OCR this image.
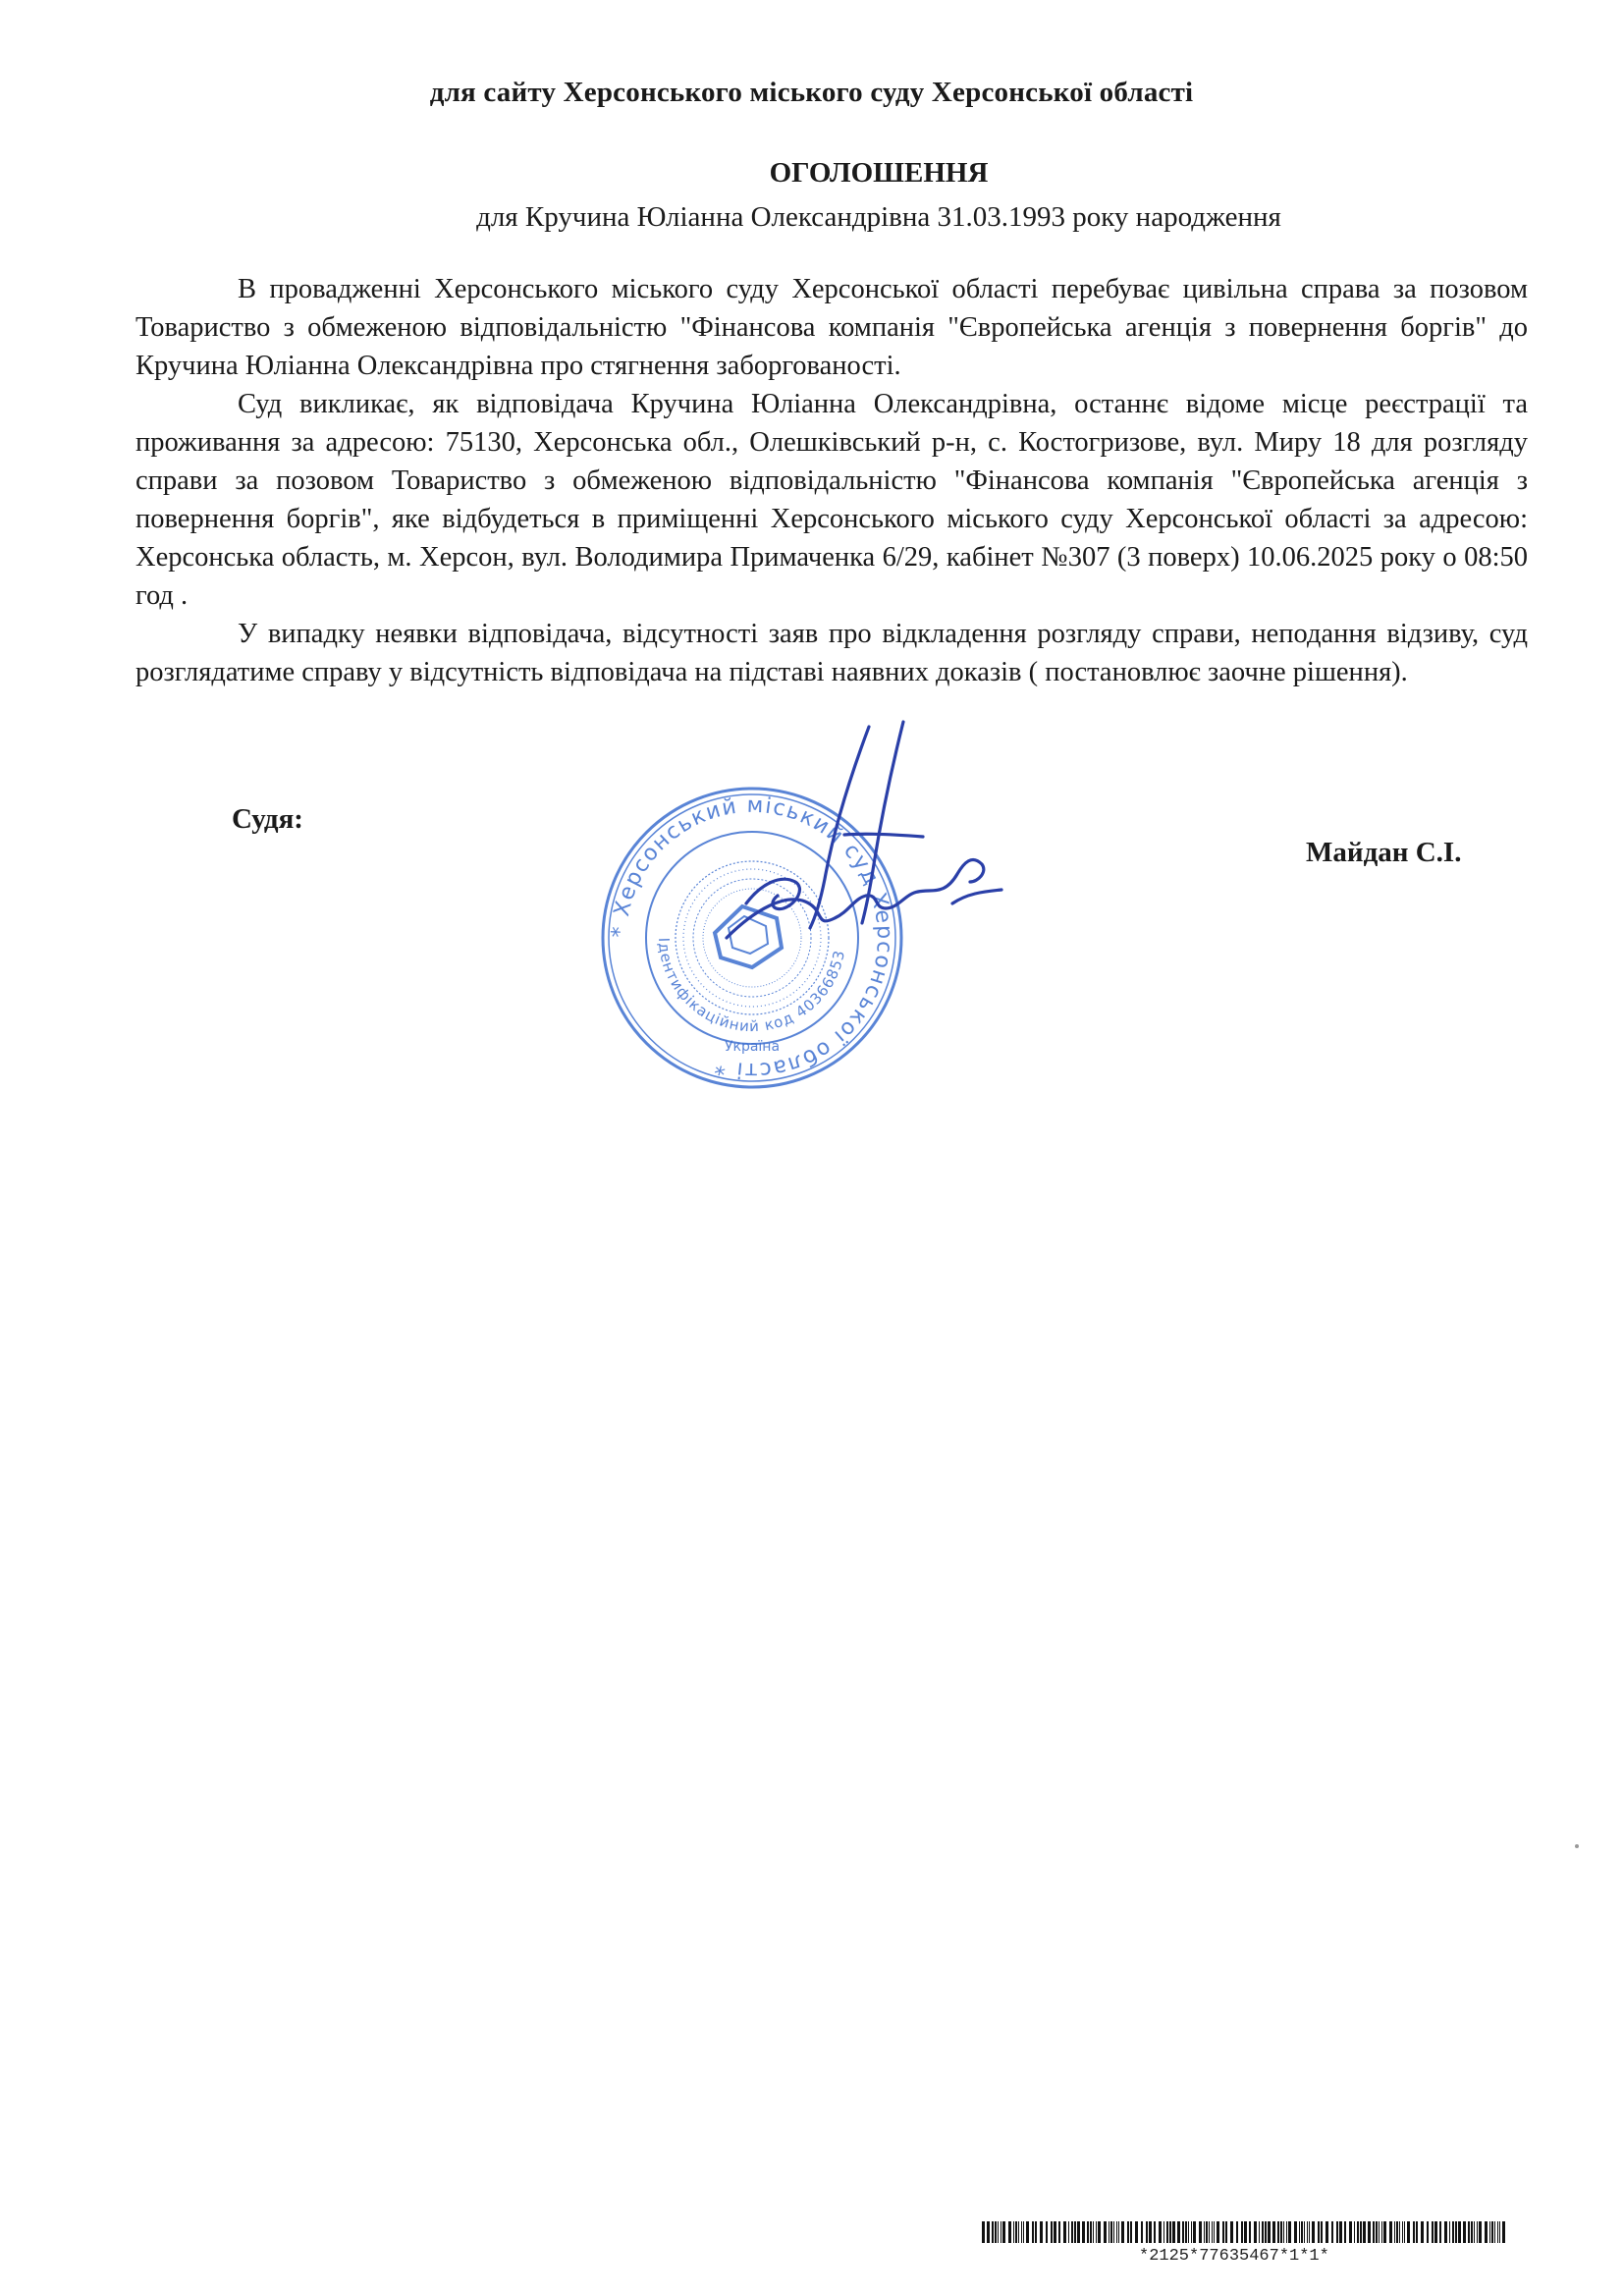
для сайту Херсонського міського суду Херсонської області
ОГОЛОШЕННЯ
для Кручина Юліанна Олександрівна 31.03.1993 року народження

В провадженні Херсонського міського суду Херсонської області перебуває цивільна справа за позовом Товариство з обмеженою відповідальністю "Фінансова компанія "Європейська агенція з повернення боргів" до Кручина Юліанна Олександрівна про стягнення заборгованості.

Суд викликає, як відповідача Кручина Юліанна Олександрівна, останнє відоме місце реєстрації та проживання за адресою: 75130, Херсонська обл., Олешківський р-н, с. Костогризове, вул. Миру 18 для розгляду справи за позовом Товариство з обмеженою відповідальністю "Фінансова компанія "Європейська агенція з повернення боргів", яке відбудеться в приміщенні Херсонського міського суду Херсонської області за адресою: Херсонська область, м. Херсон, вул. Володимира Примаченка 6/29, кабінет №307 (3 поверх) 10.06.2025 року о 08:50 год .

У випадку неявки відповідача, відсутності заяв про відкладення розгляду справи, неподання відзиву, суд розглядатиме справу у відсутність відповідача на підставі наявних доказів ( постановлює заочне рішення).

Судя:
* Херсонський міський суд Херсонської області *
Ідентифікаційний код 40366853
Україна
Майдан С.І.
*2125*77635467*1*1*
